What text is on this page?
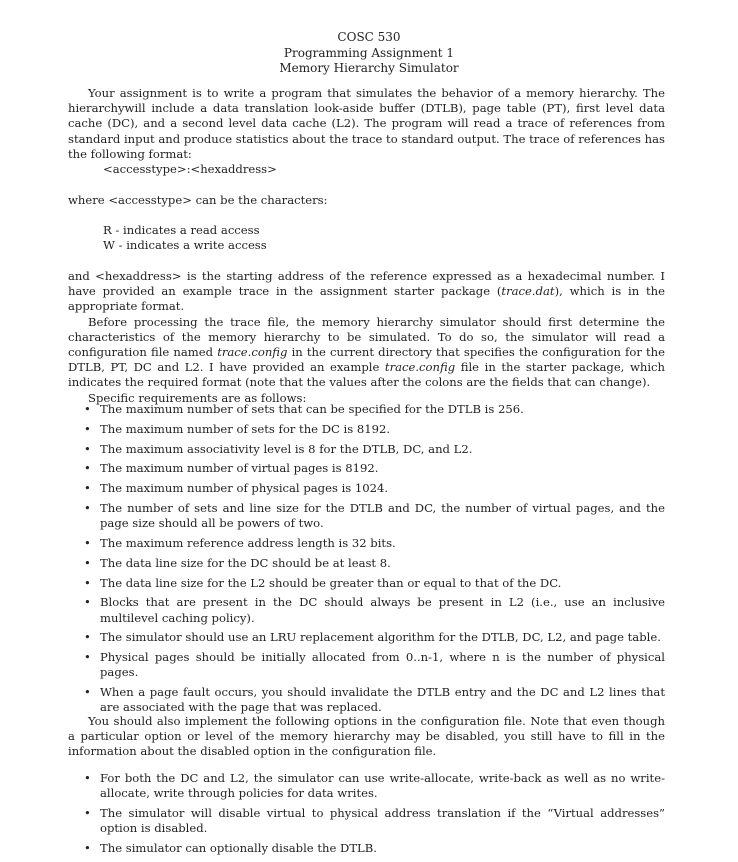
COSC 530
Programming Assignment 1
Memory Hierarchy Simulator

Your assignment is to write a program that simulates the behavior of a memory hierarchy. The hierarchywill include a data translation look-aside buffer (DTLB), page table (PT), first level data cache (DC), and a second level data cache (L2). The program will read a trace of references from standard input and produce statistics about the trace to standard output. The trace of references has the following format:

<accesstype>:<hexaddress>

where <accesstype> can be the characters:

R - indicates a read access
W - indicates a write access

and <hexaddress> is the starting address of the reference expressed as a hexadecimal number. I have provided an example trace in the assignment starter package (trace.dat), which is in the appropriate format.

Before processing the trace file, the memory hierarchy simulator should first determine the characteristics of the memory hierarchy to be simulated. To do so, the simulator will read a configuration file named trace.config in the current directory that specifies the configuration for the DTLB, PT, DC and L2. I have provided an example trace.config file in the starter package, which indicates the required format (note that the values after the colons are the fields that can change).

Specific requirements are as follows:

• The maximum number of sets that can be specified for the DTLB is 256.
• The maximum number of sets for the DC is 8192.
• The maximum associativity level is 8 for the DTLB, DC, and L2.
• The maximum number of virtual pages is 8192.
• The maximum number of physical pages is 1024.
• The number of sets and line size for the DTLB and DC, the number of virtual pages, and the page size should all be powers of two.
• The maximum reference address length is 32 bits.
• The data line size for the DC should be at least 8.
• The data line size for the L2 should be greater than or equal to that of the DC.
• Blocks that are present in the DC should always be present in L2 (i.e., use an inclusive multilevel caching policy).
• The simulator should use an LRU replacement algorithm for the DTLB, DC, L2, and page table.
• Physical pages should be initially allocated from 0..n-1, where n is the number of physical pages.
• When a page fault occurs, you should invalidate the DTLB entry and the DC and L2 lines that are associated with the page that was replaced.

You should also implement the following options in the configuration file. Note that even though a particular option or level of the memory hierarchy may be disabled, you still have to fill in the information about the disabled option in the configuration file.

• For both the DC and L2, the simulator can use write-allocate, write-back as well as no write-allocate, write through policies for data writes.
• The simulator will disable virtual to physical address translation if the “Virtual addresses” option is disabled.
• The simulator can optionally disable the DTLB.
